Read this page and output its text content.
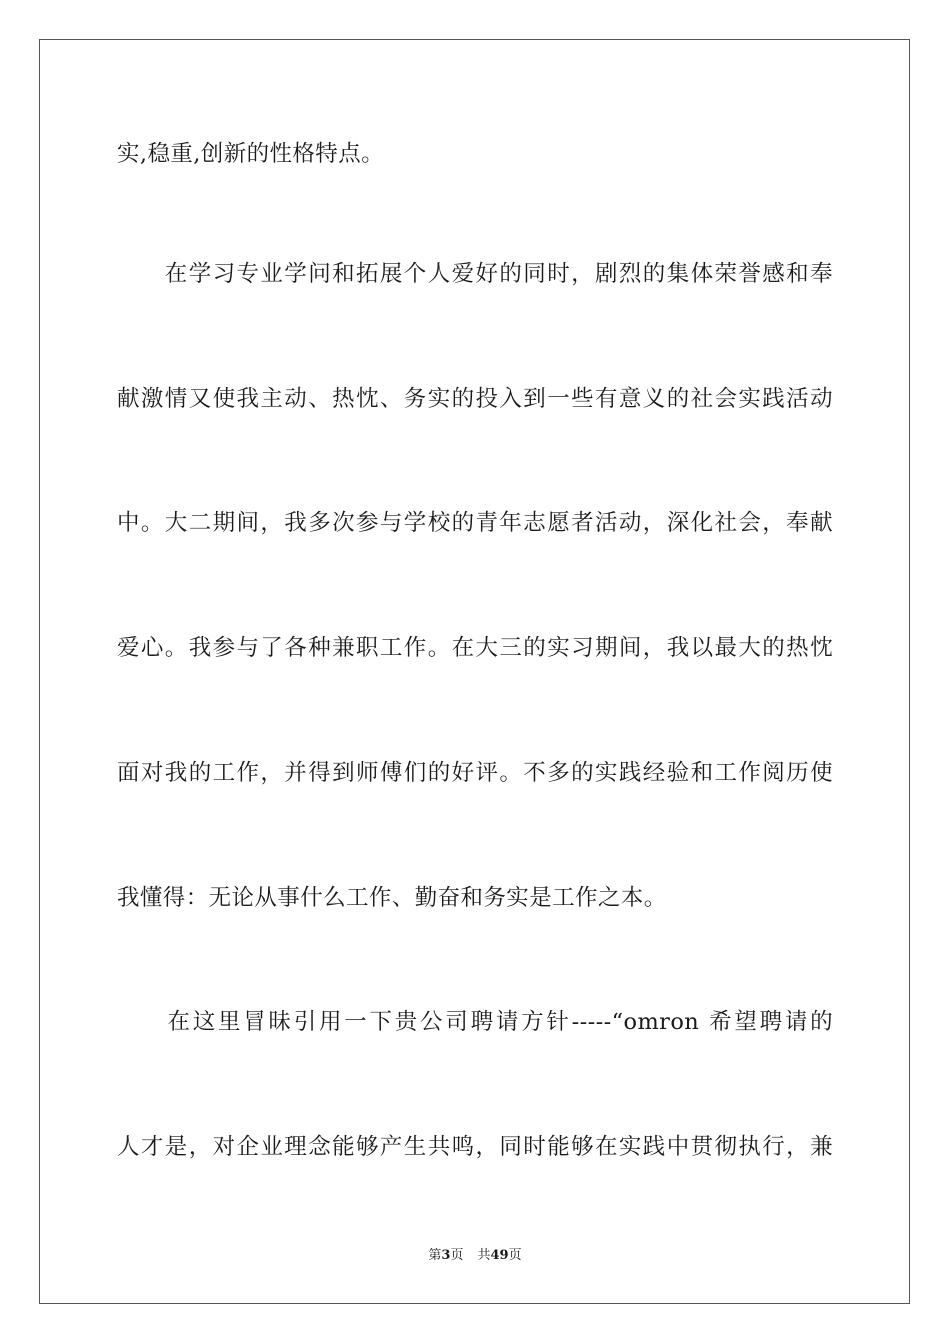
实,稳重,创新的性格特点。
　　在学习专业学问和拓展个人爱好的同时，剧烈的集体荣誉感和奉
献激情又使我主动、热忱、务实的投入到一些有意义的社会实践活动
中。大二期间，我多次参与学校的青年志愿者活动，深化社会，奉献
爱心。我参与了各种兼职工作。在大三的实习期间，我以最大的热忱
面对我的工作，并得到师傅们的好评。不多的实践经验和工作阅历使
我懂得：无论从事什么工作、勤奋和务实是工作之本。
　　在这里冒昧引用一下贵公司聘请方针-----“omron 希望聘请的
人才是，对企业理念能够产生共鸣，同时能够在实践中贯彻执行，兼
第3页 共49页
